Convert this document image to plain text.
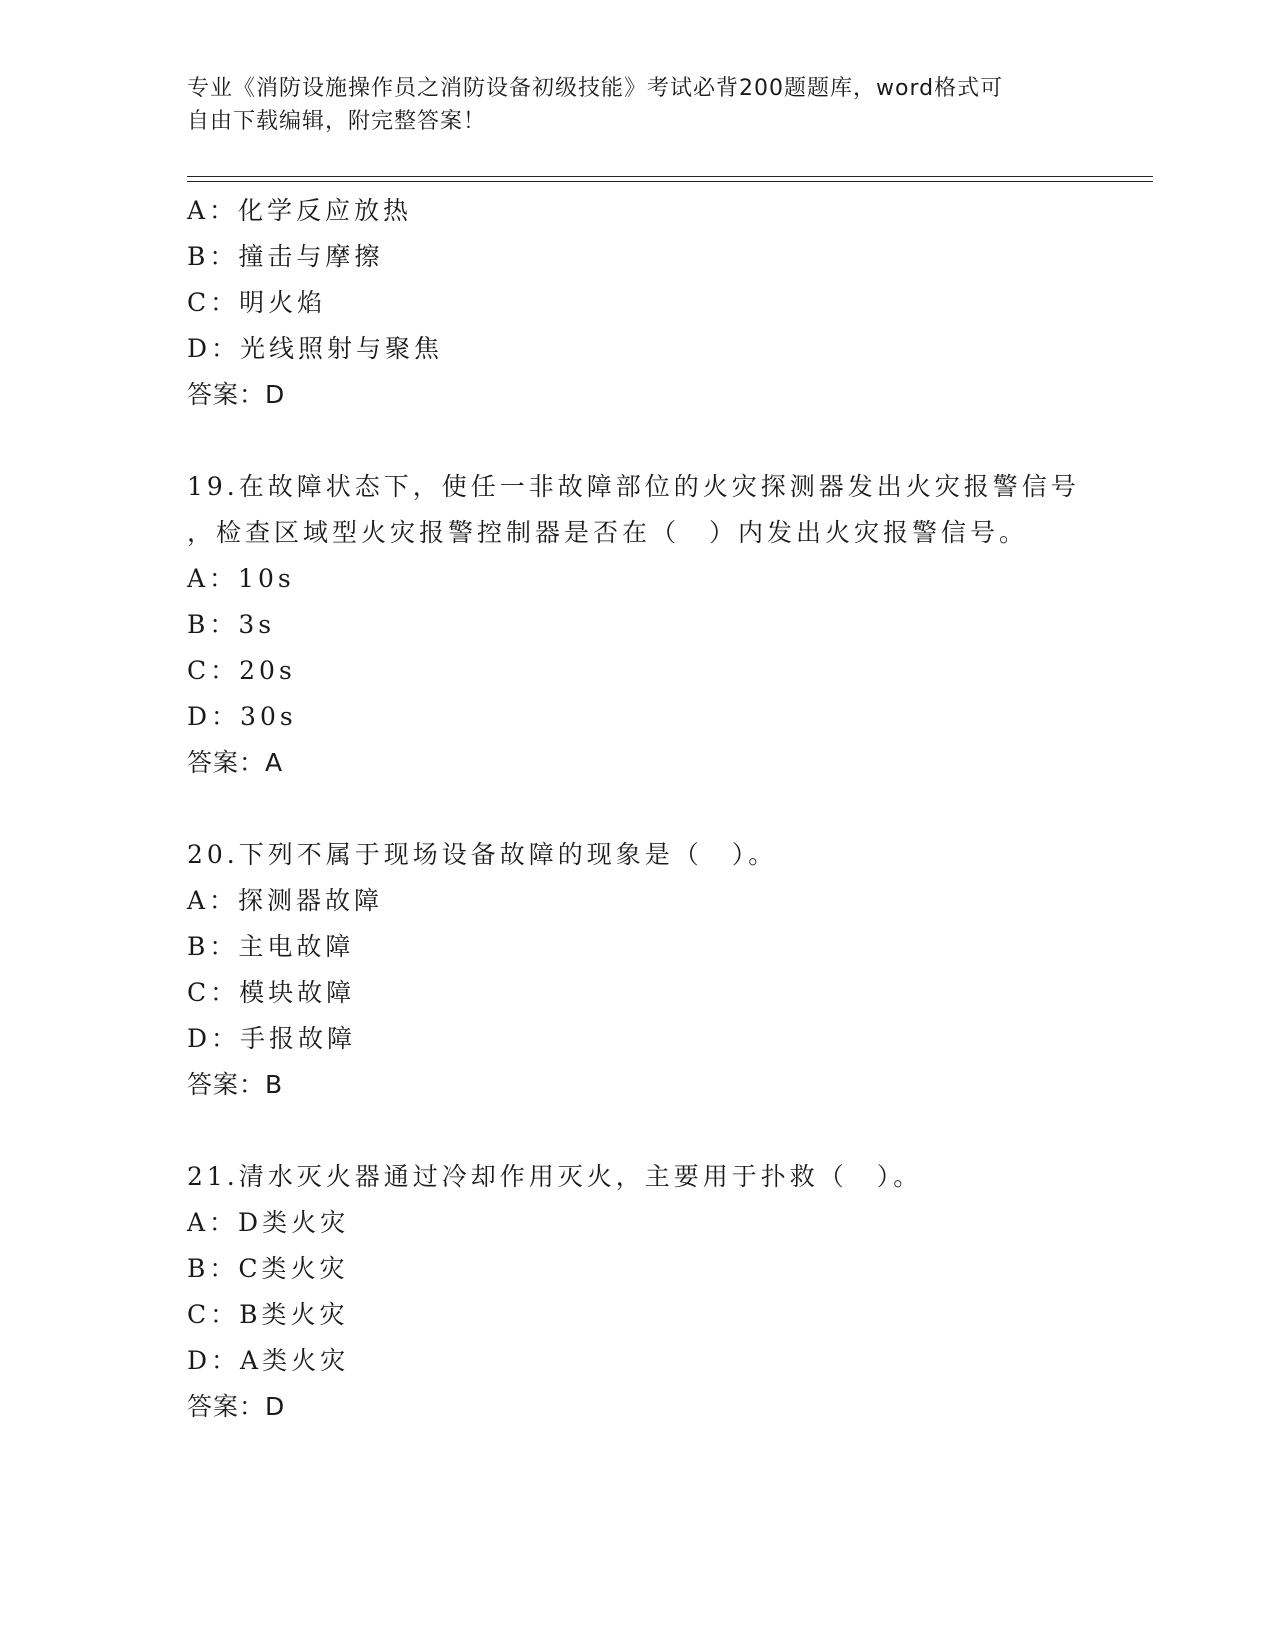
专业《消防设施操作员之消防设备初级技能》考试必背200题题库，word格式可
自由下载编辑，附完整答案！
A：化学反应放热
B：撞击与摩擦
C：明火焰
D：光线照射与聚焦
答案：D
19.在故障状态下，使任一非故障部位的火灾探测器发出火灾报警信号
，检查区域型火灾报警控制器是否在（　）内发出火灾报警信号。
A：10s
B：3s
C：20s
D：30s
答案：A
20.下列不属于现场设备故障的现象是（　）。
A：探测器故障
B：主电故障
C：模块故障
D：手报故障
答案：B
21.清水灭火器通过冷却作用灭火，主要用于扑救（　）。
A：D类火灾
B：C类火灾
C：B类火灾
D：A类火灾
答案：D
